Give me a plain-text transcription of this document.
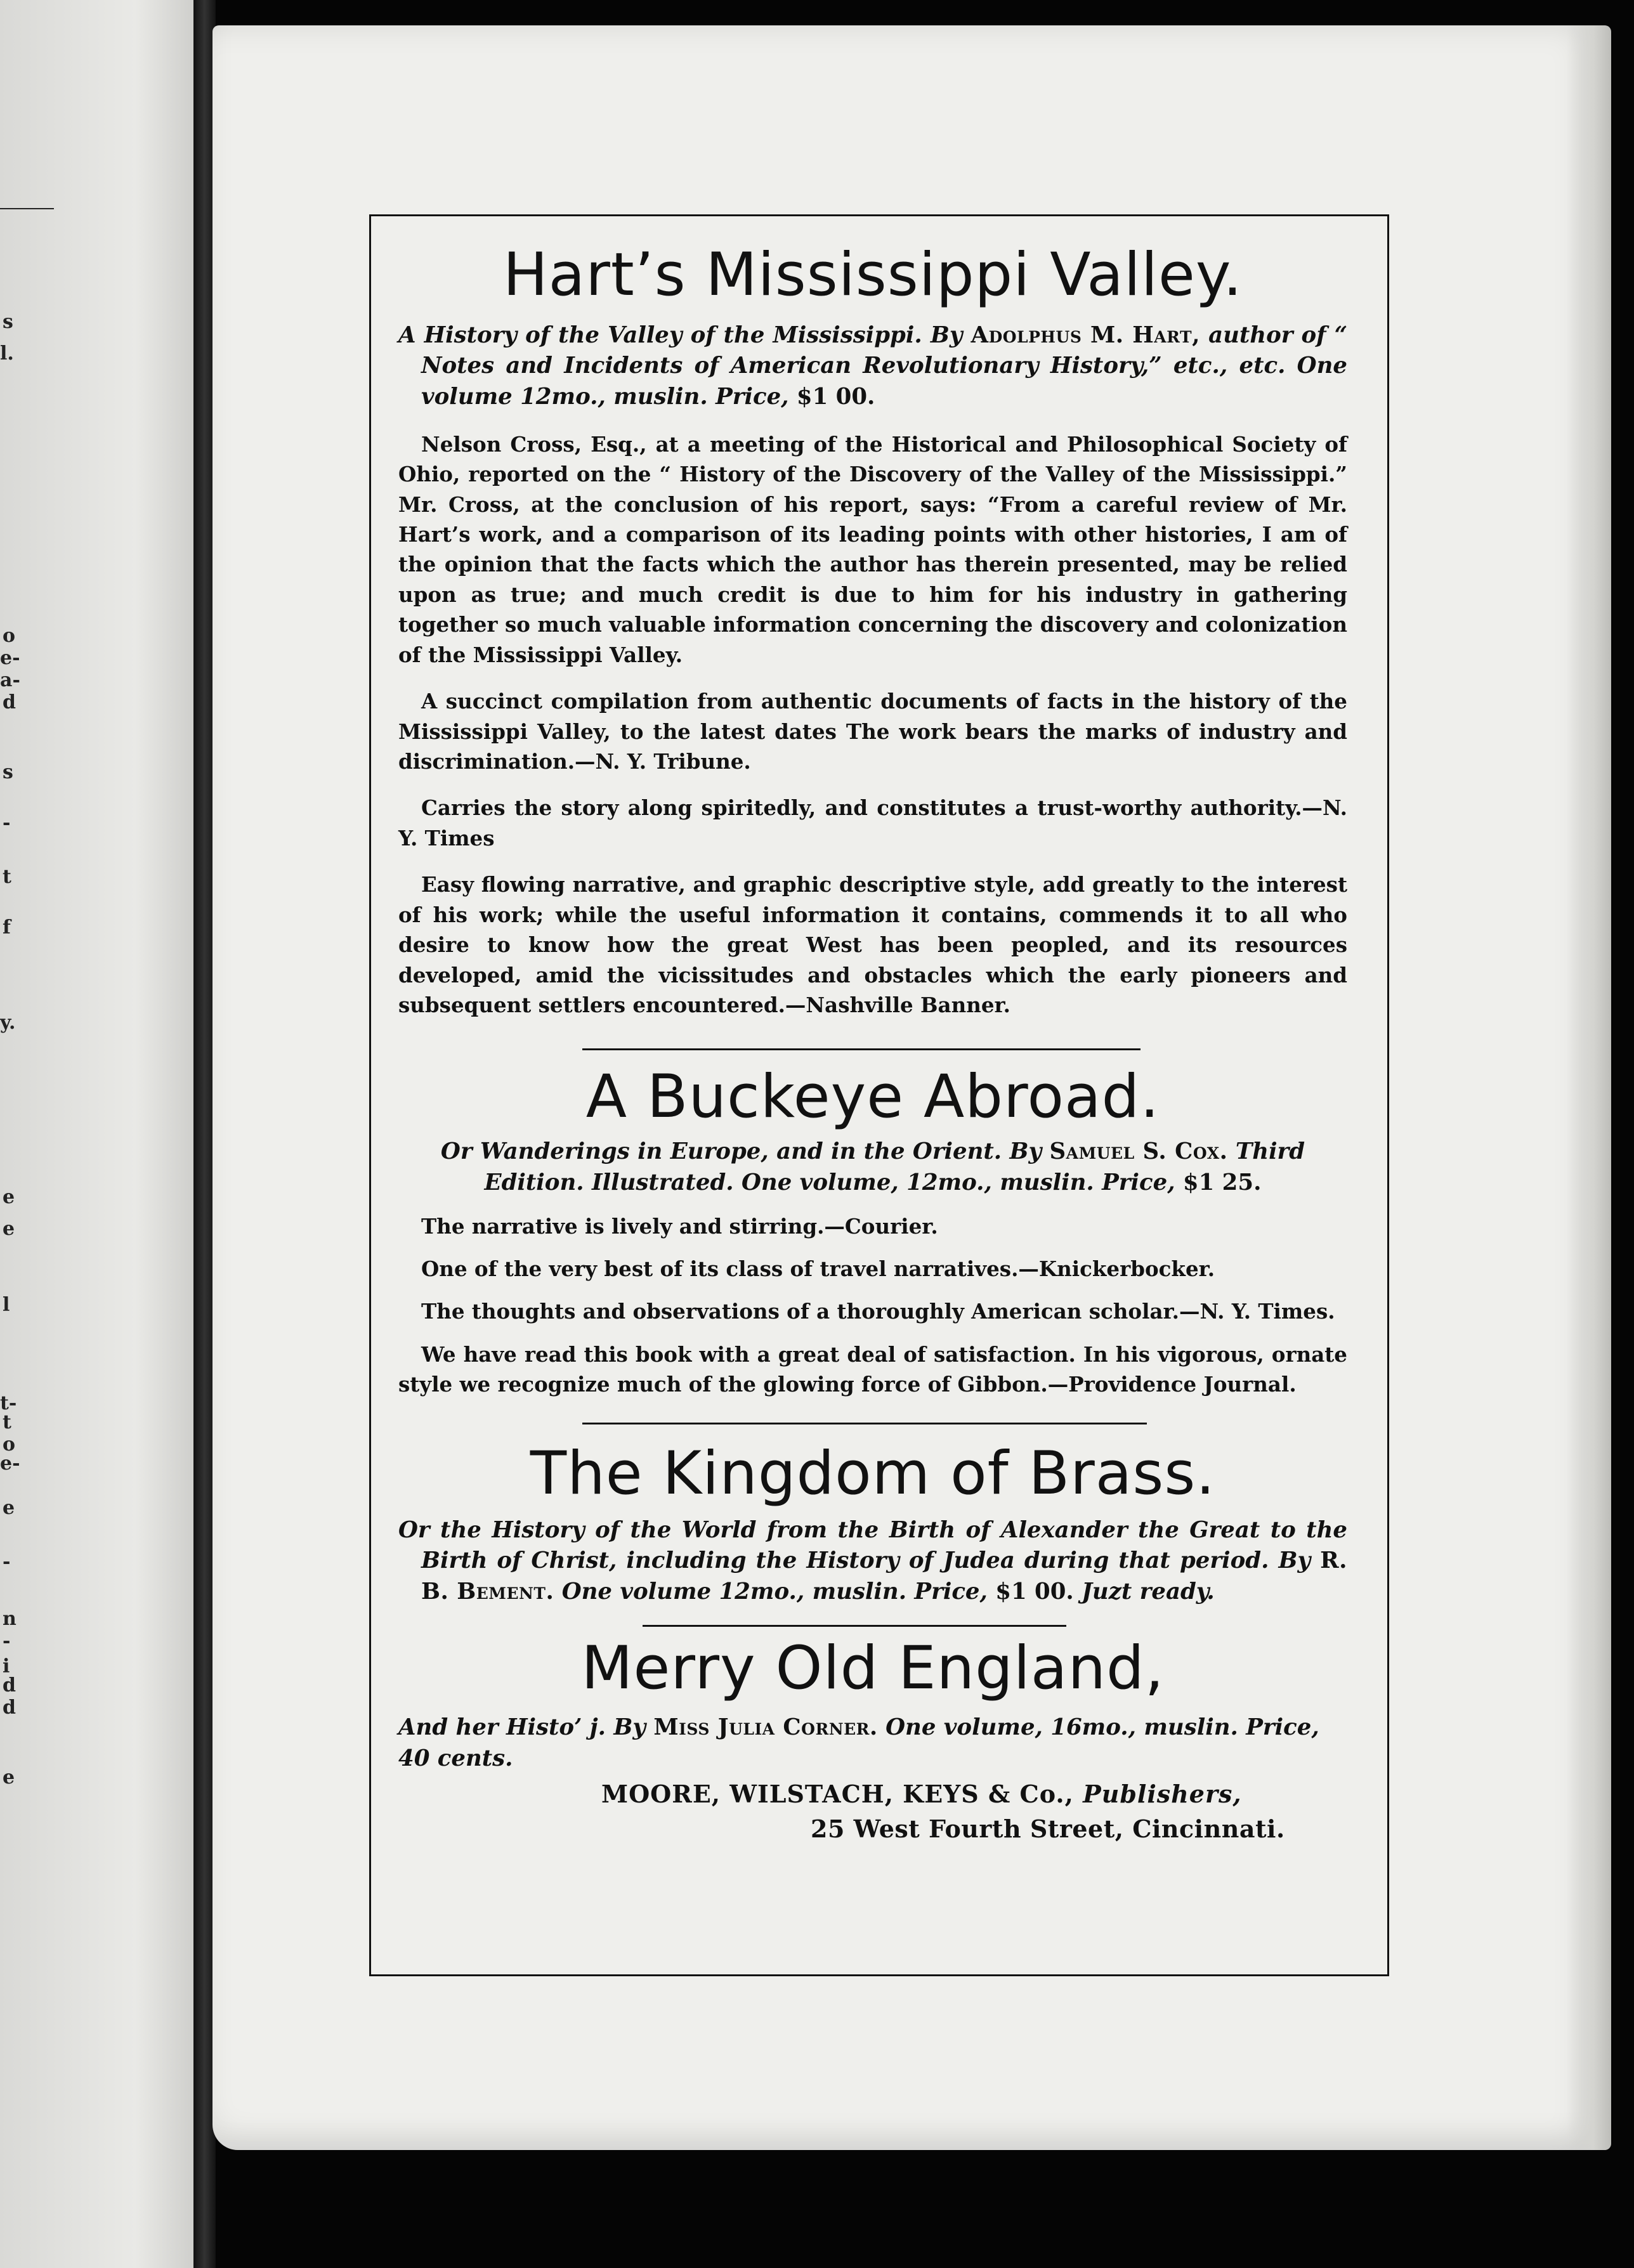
s
l.
o
e-
a-
d
s
-
t
f
y.
e
e
l
t-
t
o
e-
e
-
n
-
i
d
d
e
Hart’s Mississippi Valley.

A History of the Valley of the Mississippi. By Adolphus M. Hart, author of “ Notes and Incidents of American Revolutionary History,” etc., etc. One volume 12mo., muslin. Price, $1 00.

Nelson Cross, Esq., at a meeting of the Historical and Philosophical Society of Ohio, reported on the “ History of the Discovery of the Valley of the Mississippi.” Mr. Cross, at the conclusion of his report, says: “From a careful review of Mr. Hart’s work, and a comparison of its leading points with other histories, I am of the opinion that the facts which the author has therein presented, may be relied upon as true; and much credit is due to him for his industry in gathering together so much valuable information concerning the discovery and colonization of the Mississippi Valley.

A succinct compilation from authentic documents of facts in the history of the Mississippi Valley, to the latest dates The work bears the marks of industry and discrimination.—N. Y. Tribune.

Carries the story along spiritedly, and constitutes a trust-worthy authority.—N. Y. Times

Easy flowing narrative, and graphic descriptive style, add greatly to the interest of his work; while the useful information it contains, commends it to all who desire to know how the great West has been peopled, and its resources developed, amid the vicissitudes and obstacles which the early pioneers and subsequent settlers encountered.—Nashville Banner.

A Buckeye Abroad.

Or Wanderings in Europe, and in the Orient. By Samuel S. Cox. Third Edition. Illustrated. One volume, 12mo., muslin. Price, $1 25.

The narrative is lively and stirring.—Courier.

One of the very best of its class of travel narratives.—Knickerbocker.

The thoughts and observations of a thoroughly American scholar.—N. Y. Times.

We have read this book with a great deal of satisfaction. In his vigorous, ornate style we recognize much of the glowing force of Gibbon.—Providence Journal.

The Kingdom of Brass.

Or the History of the World from the Birth of Alexander the Great to the Birth of Christ, including the History of Judea during that period. By R. B. Bement. One volume 12mo., muslin. Price, $1 00. Juzt ready.

Merry Old England,

And her Histo’ j. By Miss Julia Corner. One volume, 16mo., muslin. Price, 40 cents.

MOORE, WILSTACH, KEYS & Co., Publishers,

25 West Fourth Street, Cincinnati.
